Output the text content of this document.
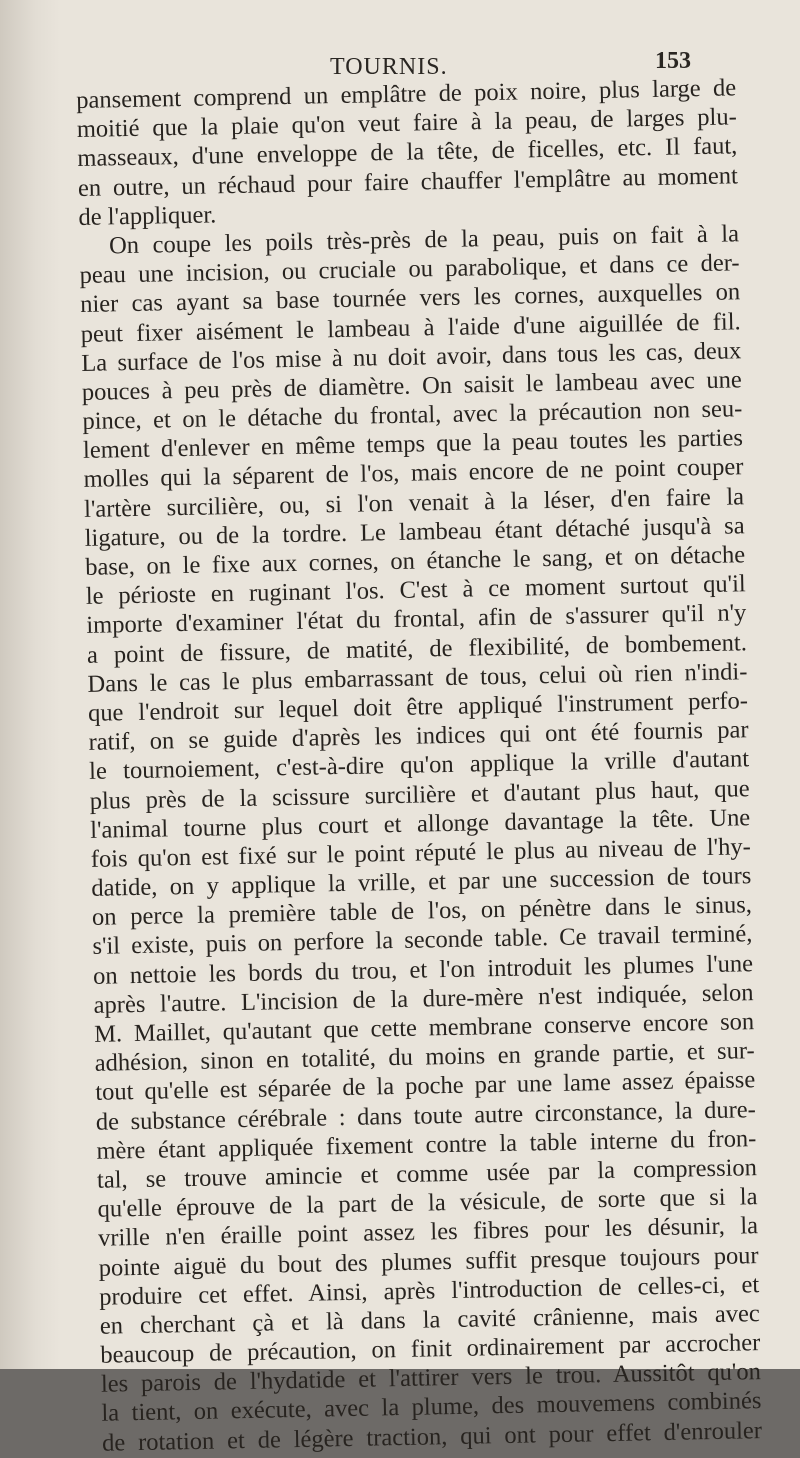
TOURNIS.	153
pansement comprend un emplâtre de poix noire, plus large de
moitié que la plaie qu'on veut faire à la peau, de larges plu-
masseaux, d'une enveloppe de la tête, de ficelles, etc. Il faut,
en outre, un réchaud pour faire chauffer l'emplâtre au moment
de l'appliquer.
On coupe les poils très-près de la peau, puis on fait à la
peau une incision, ou cruciale ou parabolique, et dans ce der-
nier cas ayant sa base tournée vers les cornes, auxquelles on
peut fixer aisément le lambeau à l'aide d'une aiguillée de fil.
La surface de l'os mise à nu doit avoir, dans tous les cas, deux
pouces à peu près de diamètre. On saisit le lambeau avec une
pince, et on le détache du frontal, avec la précaution non seu-
lement d'enlever en même temps que la peau toutes les parties
molles qui la séparent de l'os, mais encore de ne point couper
l'artère surcilière, ou, si l'on venait à la léser, d'en faire la
ligature, ou de la tordre. Le lambeau étant détaché jusqu'à sa
base, on le fixe aux cornes, on étanche le sang, et on détache
le périoste en ruginant l'os. C'est à ce moment surtout qu'il
importe d'examiner l'état du frontal, afin de s'assurer qu'il n'y
a point de fissure, de matité, de flexibilité, de bombement.
Dans le cas le plus embarrassant de tous, celui où rien n'indi-
que l'endroit sur lequel doit être appliqué l'instrument perfo-
ratif, on se guide d'après les indices qui ont été fournis par
le tournoiement, c'est-à-dire qu'on applique la vrille d'autant
plus près de la scissure surcilière et d'autant plus haut, que
l'animal tourne plus court et allonge davantage la tête. Une
fois qu'on est fixé sur le point réputé le plus au niveau de l'hy-
datide, on y applique la vrille, et par une succession de tours
on perce la première table de l'os, on pénètre dans le sinus,
s'il existe, puis on perfore la seconde table. Ce travail terminé,
on nettoie les bords du trou, et l'on introduit les plumes l'une
après l'autre. L'incision de la dure-mère n'est indiquée, selon
M. Maillet, qu'autant que cette membrane conserve encore son
adhésion, sinon en totalité, du moins en grande partie, et sur-
tout qu'elle est séparée de la poche par une lame assez épaisse
de substance cérébrale : dans toute autre circonstance, la dure-
mère étant appliquée fixement contre la table interne du fron-
tal, se trouve amincie et comme usée par la compression
qu'elle éprouve de la part de la vésicule, de sorte que si la
vrille n'en éraille point assez les fibres pour les désunir, la
pointe aiguë du bout des plumes suffit presque toujours pour
produire cet effet. Ainsi, après l'introduction de celles-ci, et
en cherchant çà et là dans la cavité crânienne, mais avec
beaucoup de précaution, on finit ordinairement par accrocher
les parois de l'hydatide et l'attirer vers le trou. Aussitôt qu'on
la tient, on exécute, avec la plume, des mouvemens combinés
de rotation et de légère traction, qui ont pour effet d'enrouler
